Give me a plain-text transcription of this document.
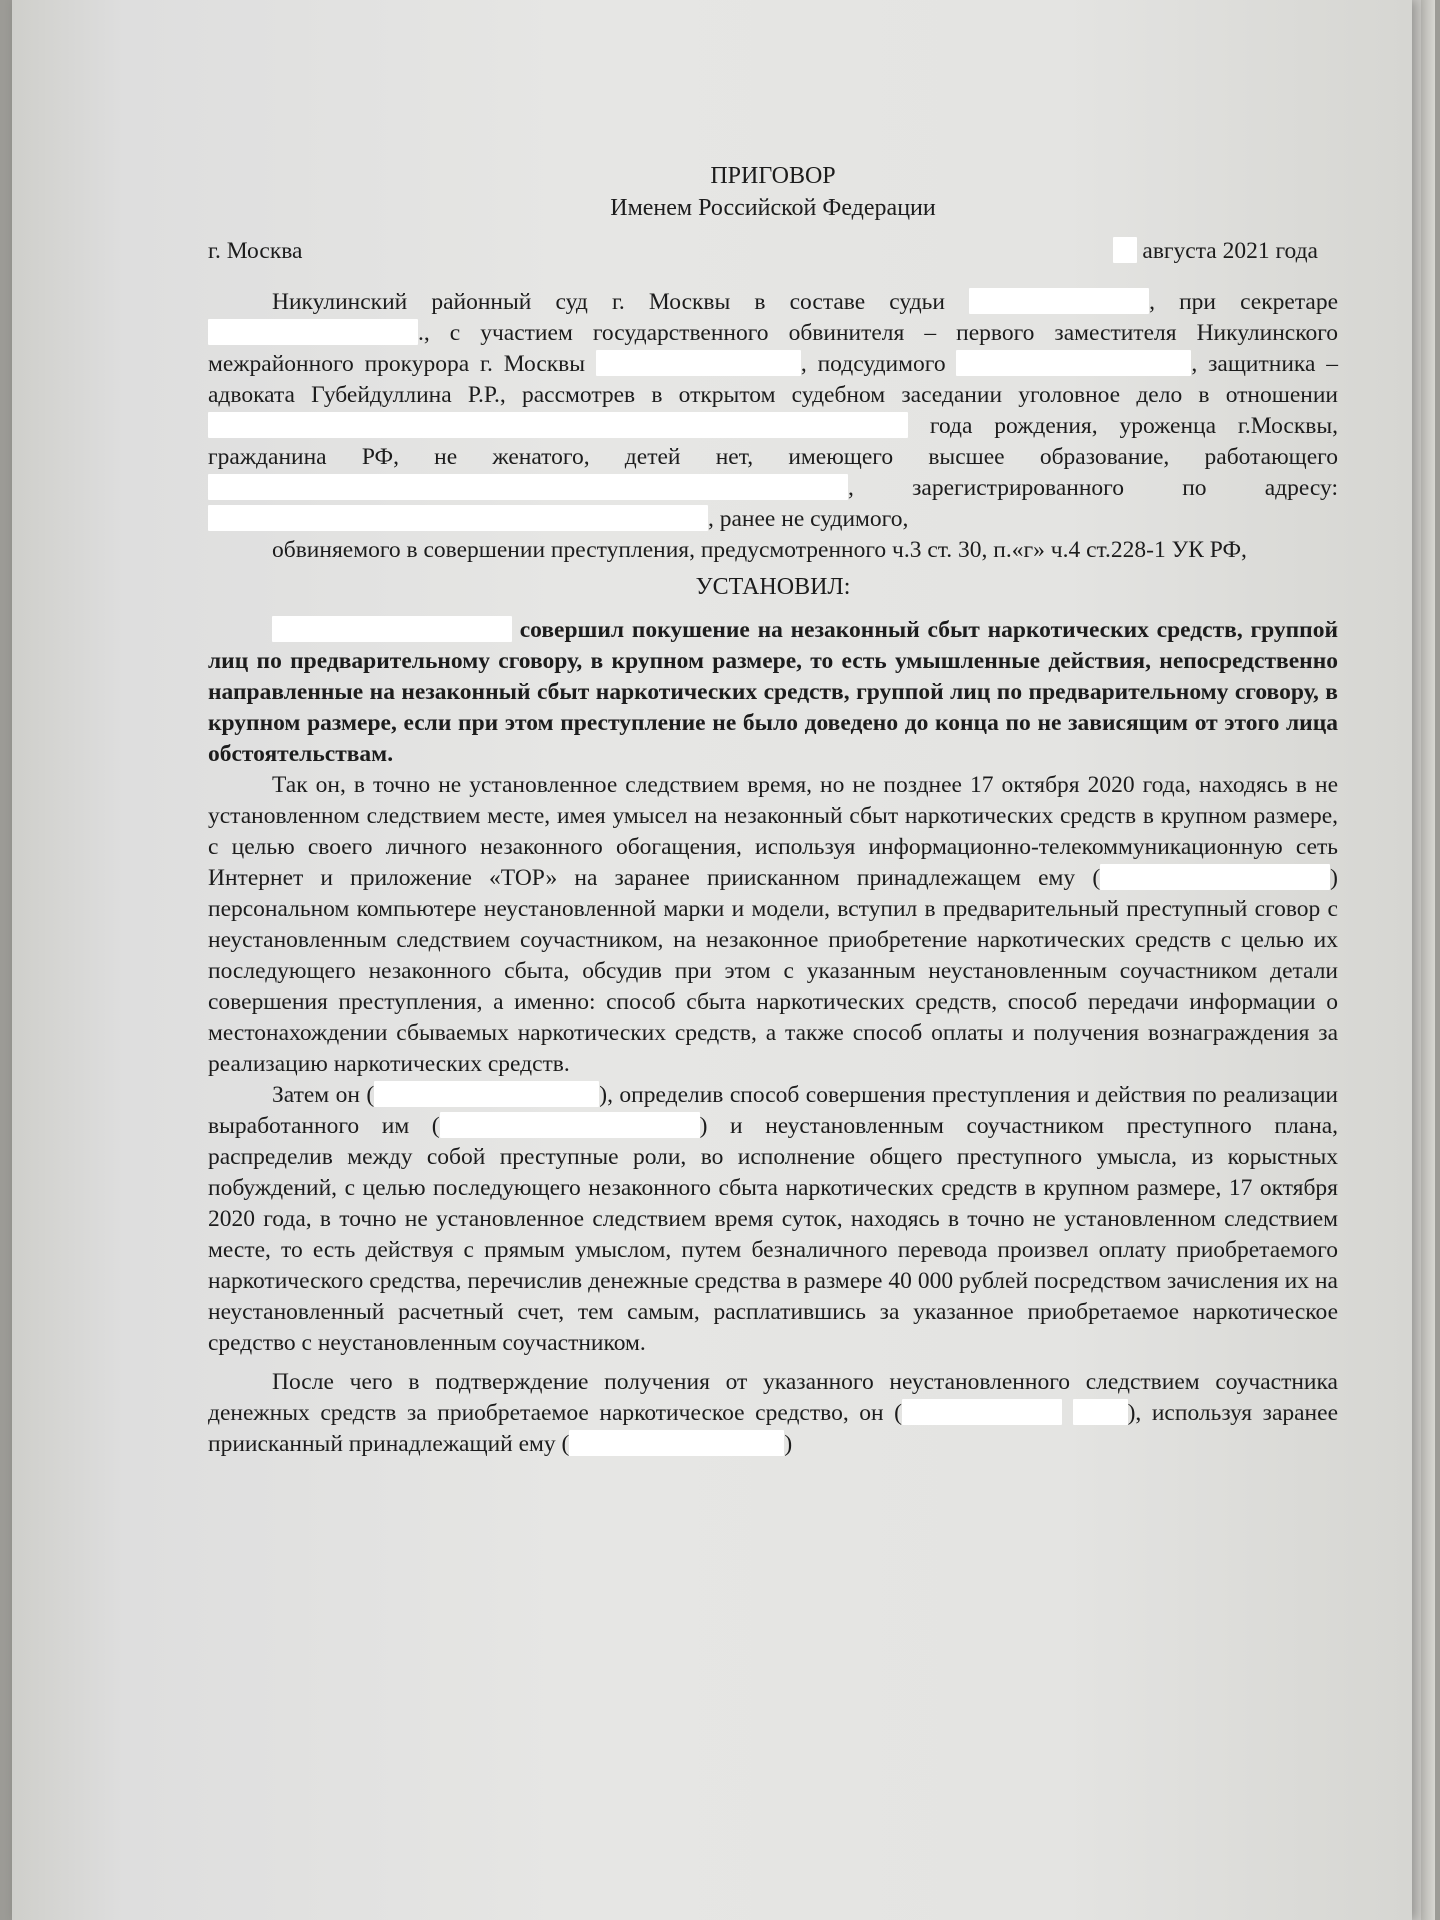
ПРИГОВОР
Именем Российской Федерации
г. Москва	августа 2021 года

Никулинский районный суд г. Москвы в составе судьи	, при секретаре ., с участием государственного обвинителя – первого заместителя Никулинского межрайонного прокурора г. Москвы	, подсудимого	, защитника – адвоката Губейдуллина Р.Р., рассмотрев в открытом судебном заседании уголовное дело в отношении  года рождения, уроженца г.Москвы, гражданина РФ, не женатого, детей нет, имеющего высшее образование, работающего , зарегистрированного по адресу: , ранее не судимого,

обвиняемого в совершении преступления, предусмотренного ч.3 ст. 30, п.«г» ч.4 ст.228-1 УК РФ,

УСТАНОВИЛ:

совершил покушение на незаконный сбыт наркотических средств, группой лиц по предварительному сговору, в крупном размере, то есть умышленные действия, непосредственно направленные на незаконный сбыт наркотических средств, группой лиц по предварительному сговору, в крупном размере, если при этом преступление не было доведено до конца по не зависящим от этого лица обстоятельствам.

Так он, в точно не установленное следствием время, но не позднее 17 октября 2020 года, находясь в не установленном следствием месте, имея умысел на незаконный сбыт наркотических средств в крупном размере, с целью своего личного незаконного обогащения, используя информационно-телекоммуникационную сеть Интернет и приложение «ТОР» на заранее приисканном принадлежащем ему (	) персональном компьютере неустановленной марки и модели, вступил в предварительный преступный сговор с неустановленным следствием соучастником, на незаконное приобретение наркотических средств с целью их последующего незаконного сбыта, обсудив при этом с указанным неустановленным соучастником детали совершения преступления, а именно: способ сбыта наркотических средств, способ передачи информации о местонахождении сбываемых наркотических средств, а также способ оплаты и получения вознаграждения за реализацию наркотических средств.

Затем он (	), определив способ совершения преступления и действия по реализации выработанного им (	) и неустановленным соучастником преступного плана, распределив между собой преступные роли, во исполнение общего преступного умысла, из корыстных побуждений, с целью последующего незаконного сбыта наркотических средств в крупном размере, 17 октября 2020 года, в точно не установленное следствием время суток, находясь в точно не установленном следствием месте, то есть действуя с прямым умыслом, путем безналичного перевода произвел оплату приобретаемого наркотического средства, перечислив денежные средства в размере 40 000 рублей посредством зачисления их на неустановленный расчетный счет, тем самым, расплатившись за указанное приобретаемое наркотическое средство с неустановленным соучастником.

После чего в подтверждение получения от указанного неустановленного следствием соучастника денежных средств за приобретаемое наркотическое средство, он (	), используя заранее приисканный принадлежащий ему (	)
